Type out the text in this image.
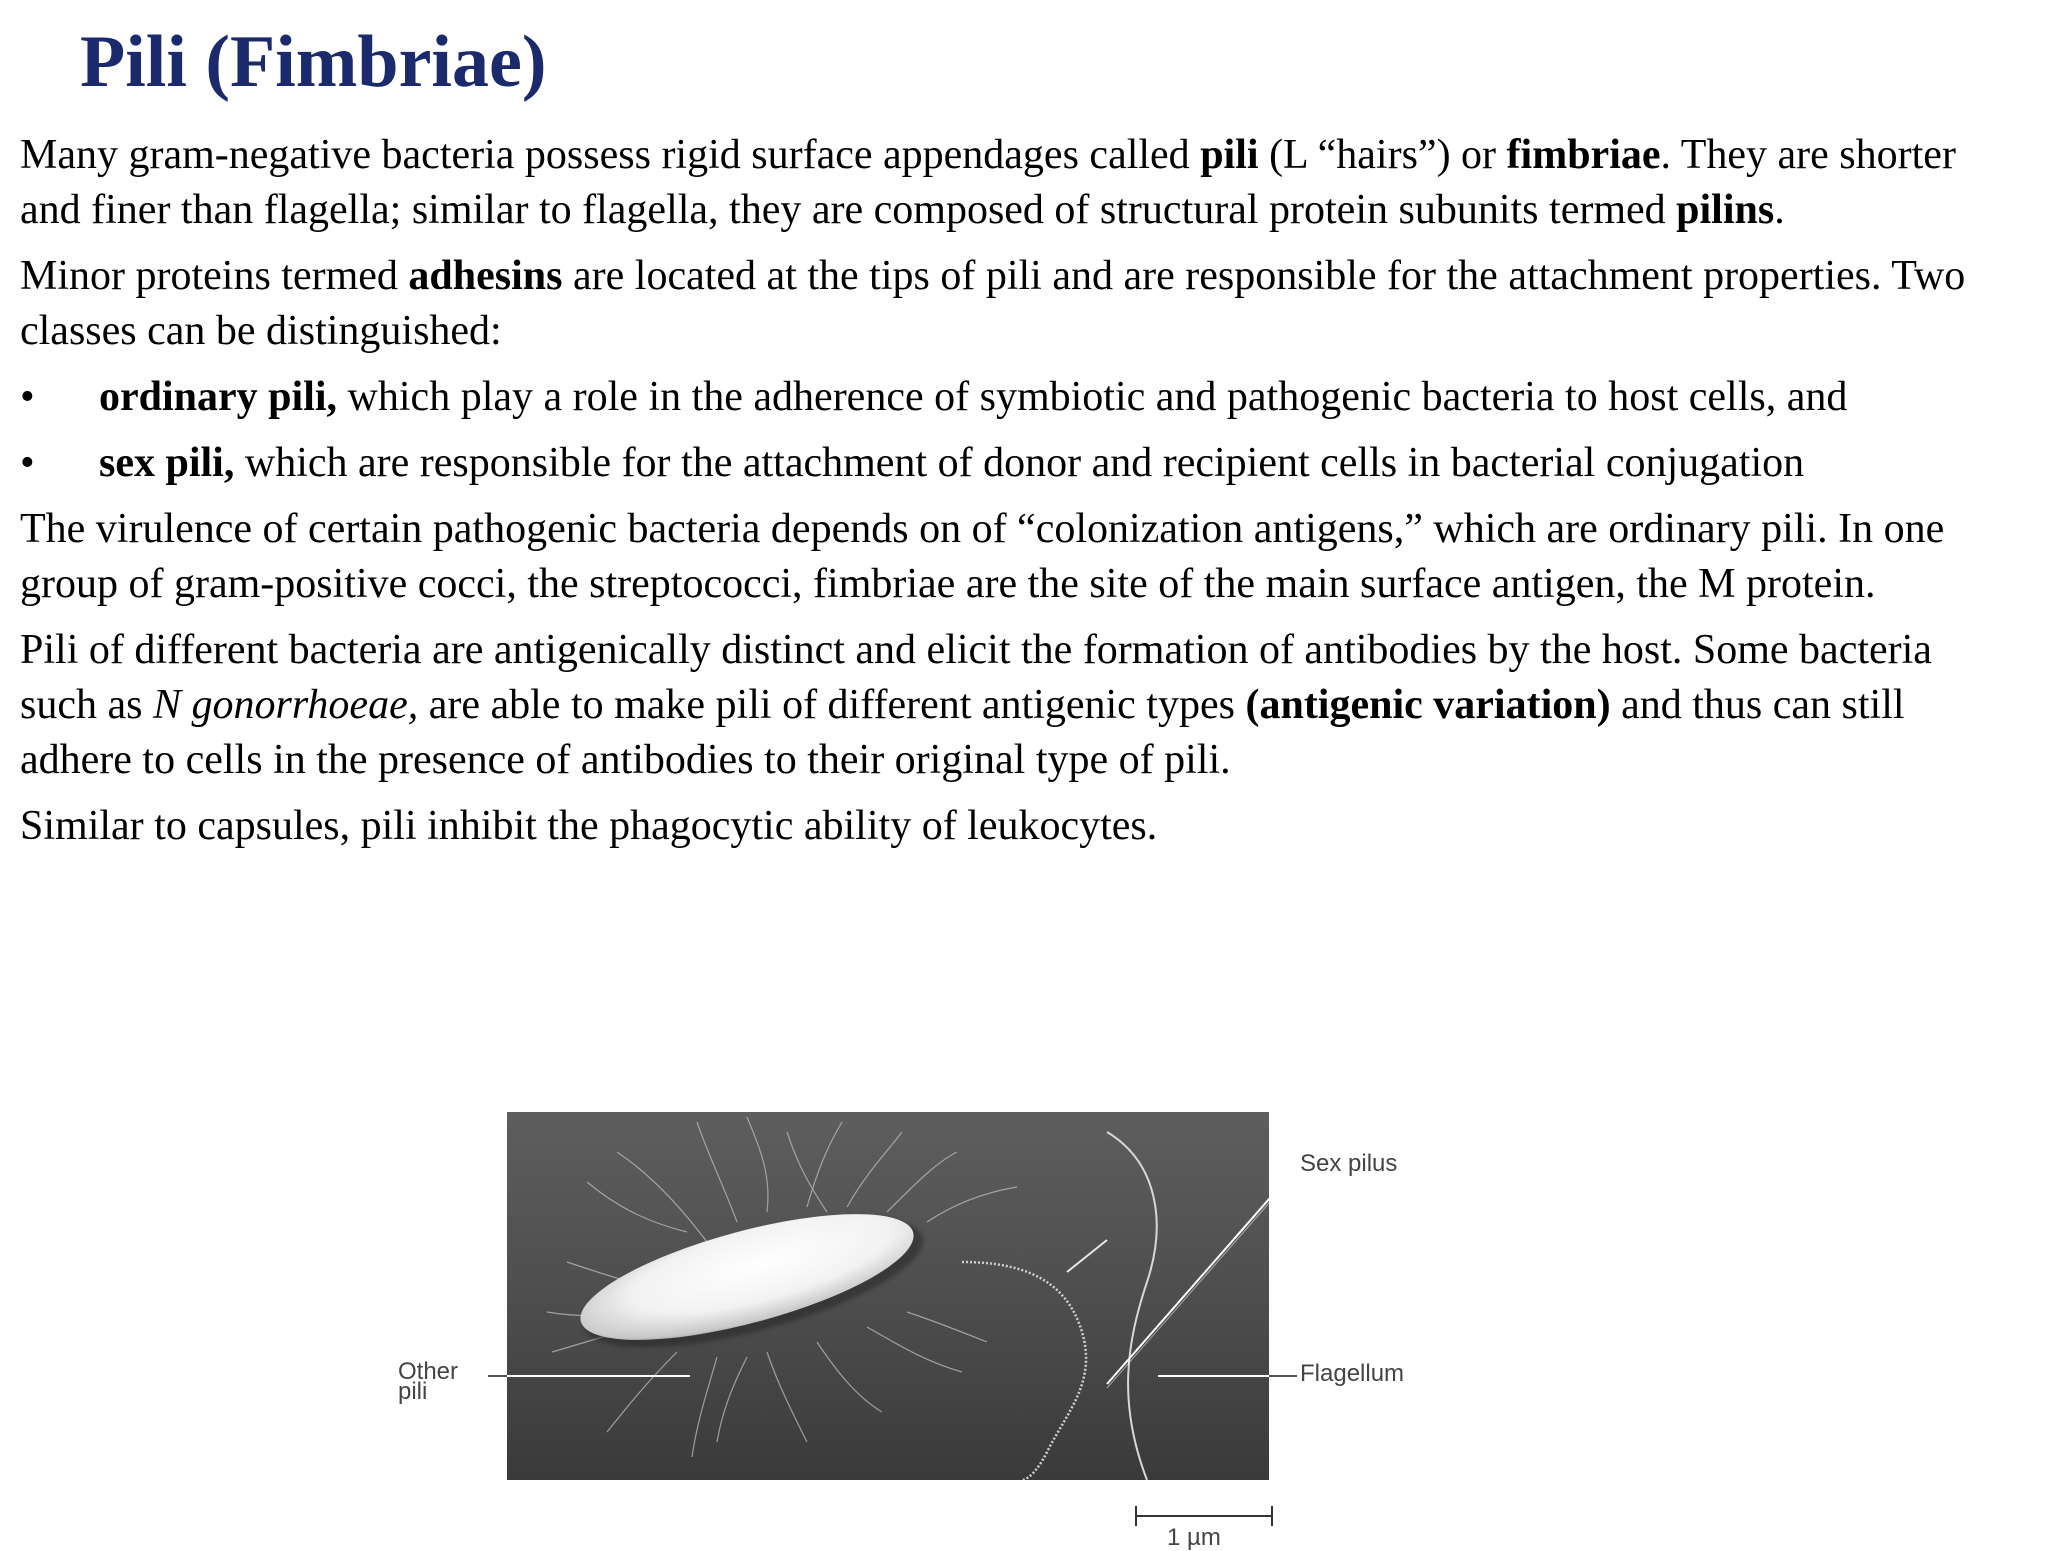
Pili (Fimbriae)

Many gram-negative bacteria possess rigid surface appendages called pili (L “hairs”) or fimbriae. They are shorter and finer than flagella; similar to flagella, they are composed of structural protein subunits termed pilins.

Minor proteins termed adhesins are located at the tips of pili and are responsible for the attachment properties. Two classes can be distinguished:

•	ordinary pili, which play a role in the adherence of symbiotic and pathogenic bacteria to host cells, and
•	sex pili, which are responsible for the attachment of donor and recipient cells in bacterial conjugation

The virulence of certain pathogenic bacteria depends on of “colonization antigens,” which are ordinary pili. In one group of gram-positive cocci, the streptococci, fimbriae are the site of the main surface antigen, the M protein.

Pili of different bacteria are antigenically distinct and elicit the formation of antibodies by the host. Some bacteria such as N gonorrhoeae, are able to make pili of different antigenic types (antigenic variation) and thus can still adhere to cells in the presence of antibodies to their original type of pili.

Similar to capsules, pili inhibit the phagocytic ability of leukocytes.

Sex pilus
Flagellum
Other pili
1 µm
